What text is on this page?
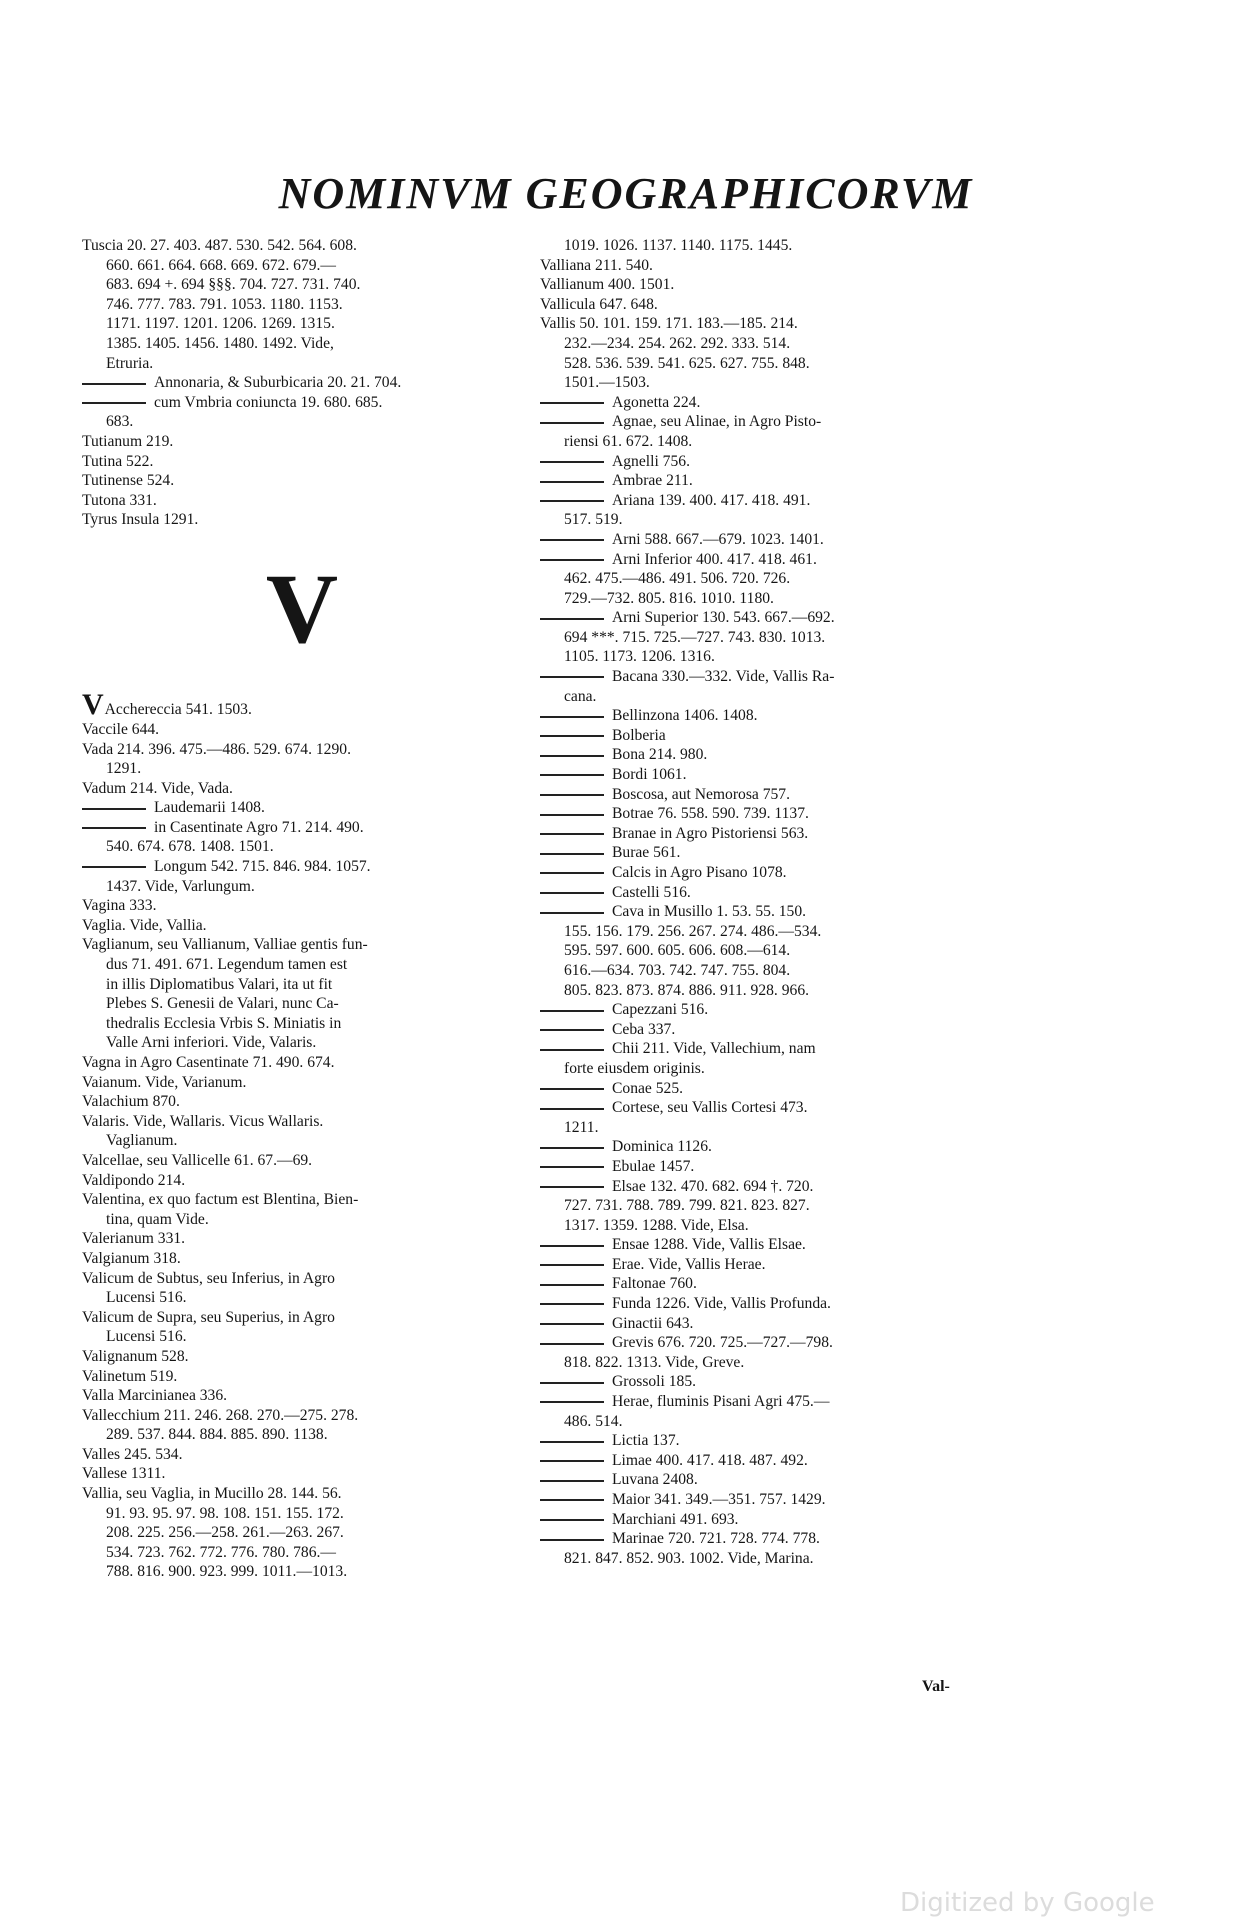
NOMINVM GEOGRAPHICORVM
Tuscia 20. 27. 403. 487. 530. 542. 564. 608.
660. 661. 664. 668. 669. 672. 679.—
683. 694 +. 694 §§§. 704. 727. 731. 740.
746. 777. 783. 791. 1053. 1180. 1153.
1171. 1197. 1201. 1206. 1269. 1315.
1385. 1405. 1456. 1480. 1492. Vide,
Etruria.
Annonaria, & Suburbicaria 20. 21. 704.
cum Vmbria coniuncta 19. 680. 685.
683.
Tutianum 219.
Tutina 522.
Tutinense 524.
Tutona 331.
Tyrus Insula 1291.
V
VAcchereccia 541. 1503.
Vaccile 644.
Vada 214. 396. 475.—486. 529. 674. 1290.
1291.
Vadum 214. Vide, Vada.
Laudemarii 1408.
in Casentinate Agro 71. 214. 490.
540. 674. 678. 1408. 1501.
Longum 542. 715. 846. 984. 1057.
1437. Vide, Varlungum.
Vagina 333.
Vaglia. Vide, Vallia.
Vaglianum, seu Vallianum, Valliae gentis fun-
dus 71. 491. 671. Legendum tamen est
in illis Diplomatibus Valari, ita ut fit
Plebes S. Genesii de Valari, nunc Ca-
thedralis Ecclesia Vrbis S. Miniatis in
Valle Arni inferiori. Vide, Valaris.
Vagna in Agro Casentinate 71. 490. 674.
Vaianum. Vide, Varianum.
Valachium 870.
Valaris. Vide, Wallaris. Vicus Wallaris.
Vaglianum.
Valcellae, seu Vallicelle 61. 67.—69.
Valdipondo 214.
Valentina, ex quo factum est Blentina, Bien-
tina, quam Vide.
Valerianum 331.
Valgianum 318.
Valicum de Subtus, seu Inferius, in Agro
Lucensi 516.
Valicum de Supra, seu Superius, in Agro
Lucensi 516.
Valignanum 528.
Valinetum 519.
Valla Marcinianea 336.
Vallecchium 211. 246. 268. 270.—275. 278.
289. 537. 844. 884. 885. 890. 1138.
Valles 245. 534.
Vallese 1311.
Vallia, seu Vaglia, in Mucillo 28. 144. 56.
91. 93. 95. 97. 98. 108. 151. 155. 172.
208. 225. 256.—258. 261.—263. 267.
534. 723. 762. 772. 776. 780. 786.—
788. 816. 900. 923. 999. 1011.—1013.
1019. 1026. 1137. 1140. 1175. 1445.
Valliana 211. 540.
Vallianum 400. 1501.
Vallicula 647. 648.
Vallis 50. 101. 159. 171. 183.—185. 214.
232.—234. 254. 262. 292. 333. 514.
528. 536. 539. 541. 625. 627. 755. 848.
1501.—1503.
Agonetta 224.
Agnae, seu Alinae, in Agro Pisto-
riensi 61. 672. 1408.
Agnelli 756.
Ambrae 211.
Ariana 139. 400. 417. 418. 491.
517. 519.
Arni 588. 667.—679. 1023. 1401.
Arni Inferior 400. 417. 418. 461.
462. 475.—486. 491. 506. 720. 726.
729.—732. 805. 816. 1010. 1180.
Arni Superior 130. 543. 667.—692.
694 ***. 715. 725.—727. 743. 830. 1013.
1105. 1173. 1206. 1316.
Bacana 330.—332. Vide, Vallis Ra-
cana.
Bellinzona 1406. 1408.
Bolberia
Bona 214. 980.
Bordi 1061.
Boscosa, aut Nemorosa 757.
Botrae 76. 558. 590. 739. 1137.
Branae in Agro Pistoriensi 563.
Burae 561.
Calcis in Agro Pisano 1078.
Castelli 516.
Cava in Musillo 1. 53. 55. 150.
155. 156. 179. 256. 267. 274. 486.—534.
595. 597. 600. 605. 606. 608.—614.
616.—634. 703. 742. 747. 755. 804.
805. 823. 873. 874. 886. 911. 928. 966.
Capezzani 516.
Ceba 337.
Chii 211. Vide, Vallechium, nam
forte eiusdem originis.
Conae 525.
Cortese, seu Vallis Cortesi 473.
1211.
Dominica 1126.
Ebulae 1457.
Elsae 132. 470. 682. 694 †. 720.
727. 731. 788. 789. 799. 821. 823. 827.
1317. 1359. 1288. Vide, Elsa.
Ensae 1288. Vide, Vallis Elsae.
Erae. Vide, Vallis Herae.
Faltonae 760.
Funda 1226. Vide, Vallis Profunda.
Ginactii 643.
Grevis 676. 720. 725.—727.—798.
818. 822. 1313. Vide, Greve.
Grossoli 185.
Herae, fluminis Pisani Agri 475.—
486. 514.
Lictia 137.
Limae 400. 417. 418. 487. 492.
Luvana 2408.
Maior 341. 349.—351. 757. 1429.
Marchiani 491. 693.
Marinae 720. 721. 728. 774. 778.
821. 847. 852. 903. 1002. Vide, Marina.
Val-
Digitized by Google
